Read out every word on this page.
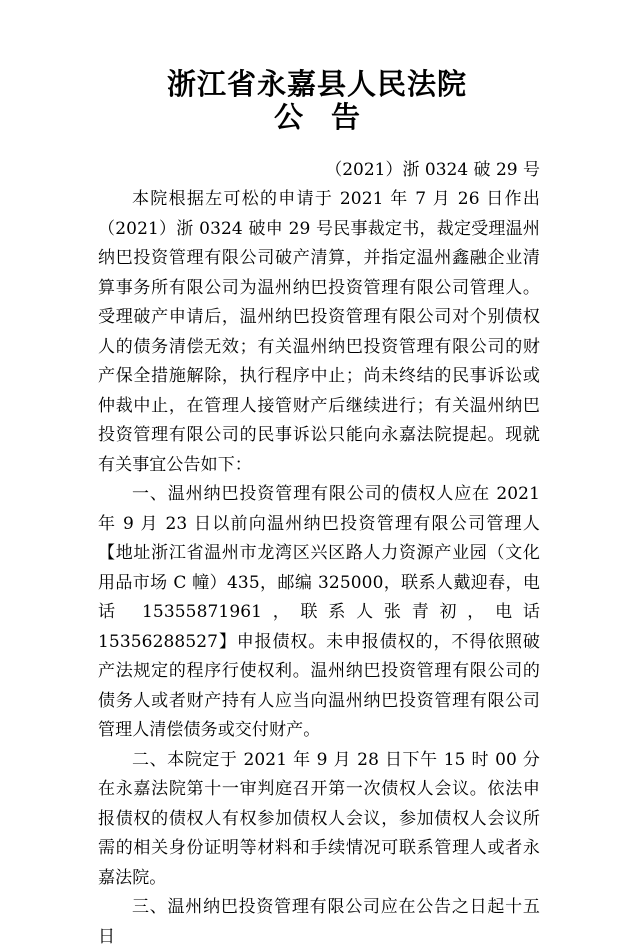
浙江省永嘉县人民法院
公告
（2021）浙 0324 破 29 号

本院根据左可松的申请于 2021 年 7 月 26 日作出（2021）浙 0324 破申 29 号民事裁定书，裁定受理温州纳巴投资管理有限公司破产清算，并指定温州鑫融企业清算事务所有限公司为温州纳巴投资管理有限公司管理人。受理破产申请后，温州纳巴投资管理有限公司对个别债权人的债务清偿无效；有关温州纳巴投资管理有限公司的财产保全措施解除，执行程序中止；尚未终结的民事诉讼或仲裁中止，在管理人接管财产后继续进行；有关温州纳巴投资管理有限公司的民事诉讼只能向永嘉法院提起。现就有关事宜公告如下：

一、温州纳巴投资管理有限公司的债权人应在 2021 年 9 月 23 日以前向温州纳巴投资管理有限公司管理人【地址浙江省温州市龙湾区兴区路人力资源产业园（文化用品市场 C 幢）435，邮编 325000，联系人戴迎春，电话 15355871961，联系人张青初，电话 15356288527】申报债权。未申报债权的，不得依照破产法规定的程序行使权利。温州纳巴投资管理有限公司的债务人或者财产持有人应当向温州纳巴投资管理有限公司管理人清偿债务或交付财产。

二、本院定于 2021 年 9 月 28 日下午 15 时 00 分在永嘉法院第十一审判庭召开第一次债权人会议。依法申报债权的债权人有权参加债权人会议，参加债权人会议所需的相关身份证明等材料和手续情况可联系管理人或者永嘉法院。

三、温州纳巴投资管理有限公司应在公告之日起十五日
